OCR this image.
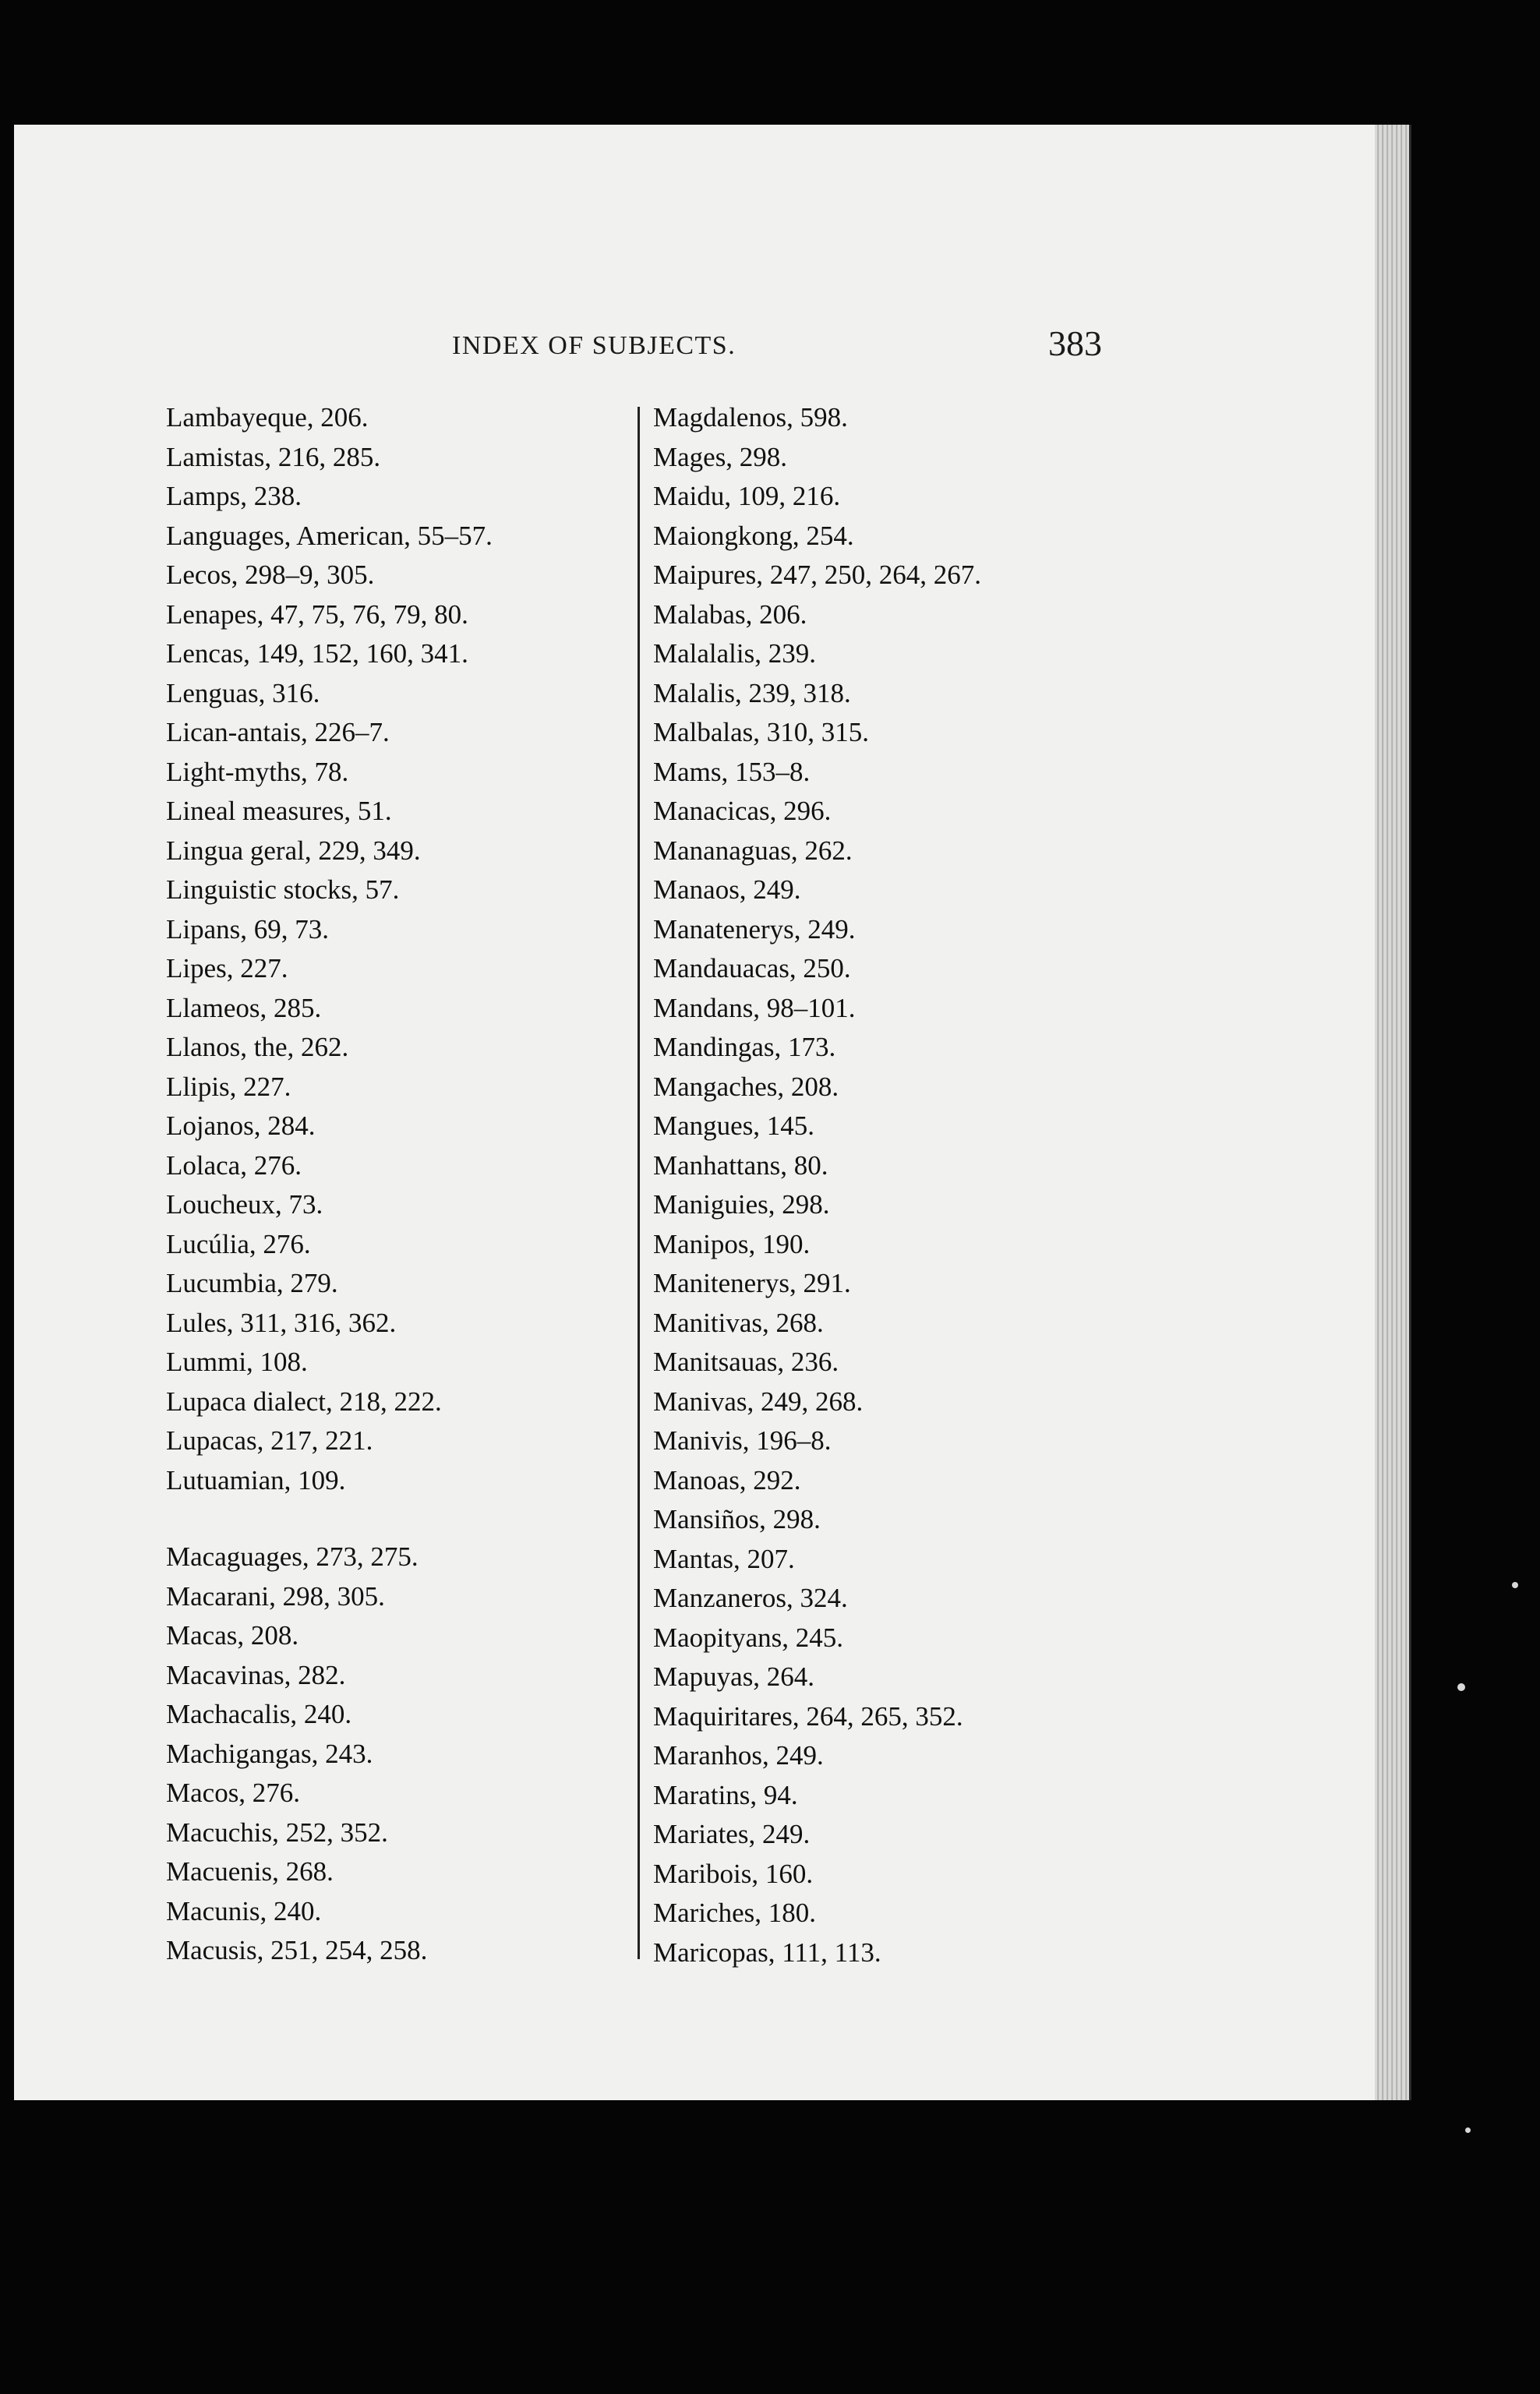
INDEX OF SUBJECTS.	383
Lambayeque, 206.
Lamistas, 216, 285.
Lamps, 238.
Languages, American, 55–57.
Lecos, 298–9, 305.
Lenapes, 47, 75, 76, 79, 80.
Lencas, 149, 152, 160, 341.
Lenguas, 316.
Lican-antais, 226–7.
Light-myths, 78.
Lineal measures, 51.
Lingua geral, 229, 349.
Linguistic stocks, 57.
Lipans, 69, 73.
Lipes, 227.
Llameos, 285.
Llanos, the, 262.
Llipis, 227.
Lojanos, 284.
Lolaca, 276.
Loucheux, 73.
Lucúlia, 276.
Lucumbia, 279.
Lules, 311, 316, 362.
Lummi, 108.
Lupaca dialect, 218, 222.
Lupacas, 217, 221.
Lutuamian, 109.
Macaguages, 273, 275.
Macarani, 298, 305.
Macas, 208.
Macavinas, 282.
Machacalis, 240.
Machigangas, 243.
Macos, 276.
Macuchis, 252, 352.
Macuenis, 268.
Macunis, 240.
Macusis, 251, 254, 258.
Magdalenos, 598.
Mages, 298.
Maidu, 109, 216.
Maiongkong, 254.
Maipures, 247, 250, 264, 267.
Malabas, 206.
Malalalis, 239.
Malalis, 239, 318.
Malbalas, 310, 315.
Mams, 153–8.
Manacicas, 296.
Mananaguas, 262.
Manaos, 249.
Manatenerys, 249.
Mandauacas, 250.
Mandans, 98–101.
Mandingas, 173.
Mangaches, 208.
Mangues, 145.
Manhattans, 80.
Maniguies, 298.
Manipos, 190.
Manitenerys, 291.
Manitivas, 268.
Manitsauas, 236.
Manivas, 249, 268.
Manivis, 196–8.
Manoas, 292.
Mansiños, 298.
Mantas, 207.
Manzaneros, 324.
Maopityans, 245.
Mapuyas, 264.
Maquiritares, 264, 265, 352.
Maranhos, 249.
Maratins, 94.
Mariates, 249.
Maribois, 160.
Mariches, 180.
Maricopas, 111, 113.
